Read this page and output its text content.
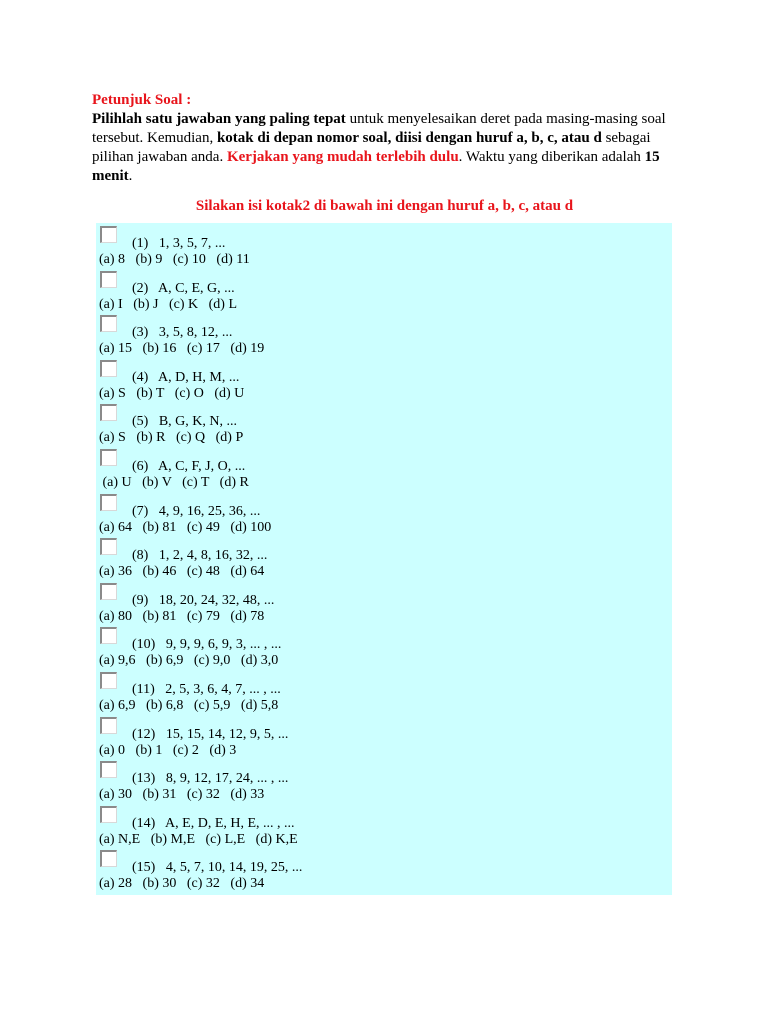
Petunjuk Soal :

Pilihlah satu jawaban yang paling tepat untuk menyelesaikan deret pada masing-masing soal tersebut. Kemudian, kotak di depan nomor soal, diisi dengan huruf a, b, c, atau d sebagai pilihan jawaban anda. Kerjakan yang mudah terlebih dulu. Waktu yang diberikan adalah 15 menit.

Silakan isi kotak2 di bawah ini dengan huruf a, b, c, atau d
(1)   1, 3, 5, 7, ...
(a) 8   (b) 9   (c) 10   (d) 11
(2)   A, C, E, G, ...
(a) I   (b) J   (c) K   (d) L
(3)   3, 5, 8, 12, ...
(a) 15   (b) 16   (c) 17   (d) 19
(4)   A, D, H, M, ...
(a) S   (b) T   (c) O   (d) U
(5)   B, G, K, N, ...
(a) S   (b) R   (c) Q   (d) P
(6)   A, C, F, J, O, ...
(a) U   (b) V   (c) T   (d) R
(7)   4, 9, 16, 25, 36, ...
(a) 64   (b) 81   (c) 49   (d) 100
(8)   1, 2, 4, 8, 16, 32, ...
(a) 36   (b) 46   (c) 48   (d) 64
(9)   18, 20, 24, 32, 48, ...
(a) 80   (b) 81   (c) 79   (d) 78
(10)   9, 9, 9, 6, 9, 3, ... , ...
(a) 9,6   (b) 6,9   (c) 9,0   (d) 3,0
(11)   2, 5, 3, 6, 4, 7, ... , ...
(a) 6,9   (b) 6,8   (c) 5,9   (d) 5,8
(12)   15, 15, 14, 12, 9, 5, ...
(a) 0   (b) 1   (c) 2   (d) 3
(13)   8, 9, 12, 17, 24, ... , ...
(a) 30   (b) 31   (c) 32   (d) 33
(14)   A, E, D, E, H, E, ... , ...
(a) N,E   (b) M,E   (c) L,E   (d) K,E
(15)   4, 5, 7, 10, 14, 19, 25, ...
(a) 28   (b) 30   (c) 32   (d) 34
